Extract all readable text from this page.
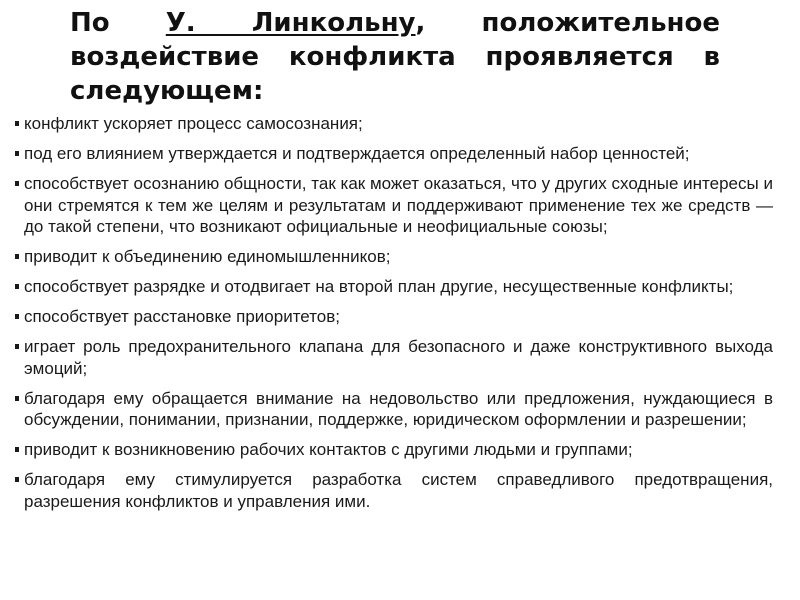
По У. Линкольну, положительное воздействие конфликта проявляется в следующем:
конфликт ускоряет процесс самосознания;
под его влиянием утверждается и подтверждается определенный набор ценностей;
способствует осознанию общности, так как может оказаться, что у других сходные интересы и они стремятся к тем же целям и результатам и поддерживают применение тех же средств — до такой степени, что возникают официальные и неофициальные союзы;
приводит к объединению единомышленников;
способствует разрядке и отодвигает на второй план другие, несущественные конфликты;
способствует расстановке приоритетов;
играет роль предохранительного клапана для безопасного и даже конструктивного выхода эмоций;
благодаря ему обращается внимание на недовольство или предложения, нуждающиеся в обсуждении, понимании, признании, поддержке, юридическом оформлении и разрешении;
приводит к возникновению рабочих контактов с другими людьми и группами;
благодаря ему стимулируется разработка систем справедливого предотвращения, разрешения конфликтов и управления ими.
